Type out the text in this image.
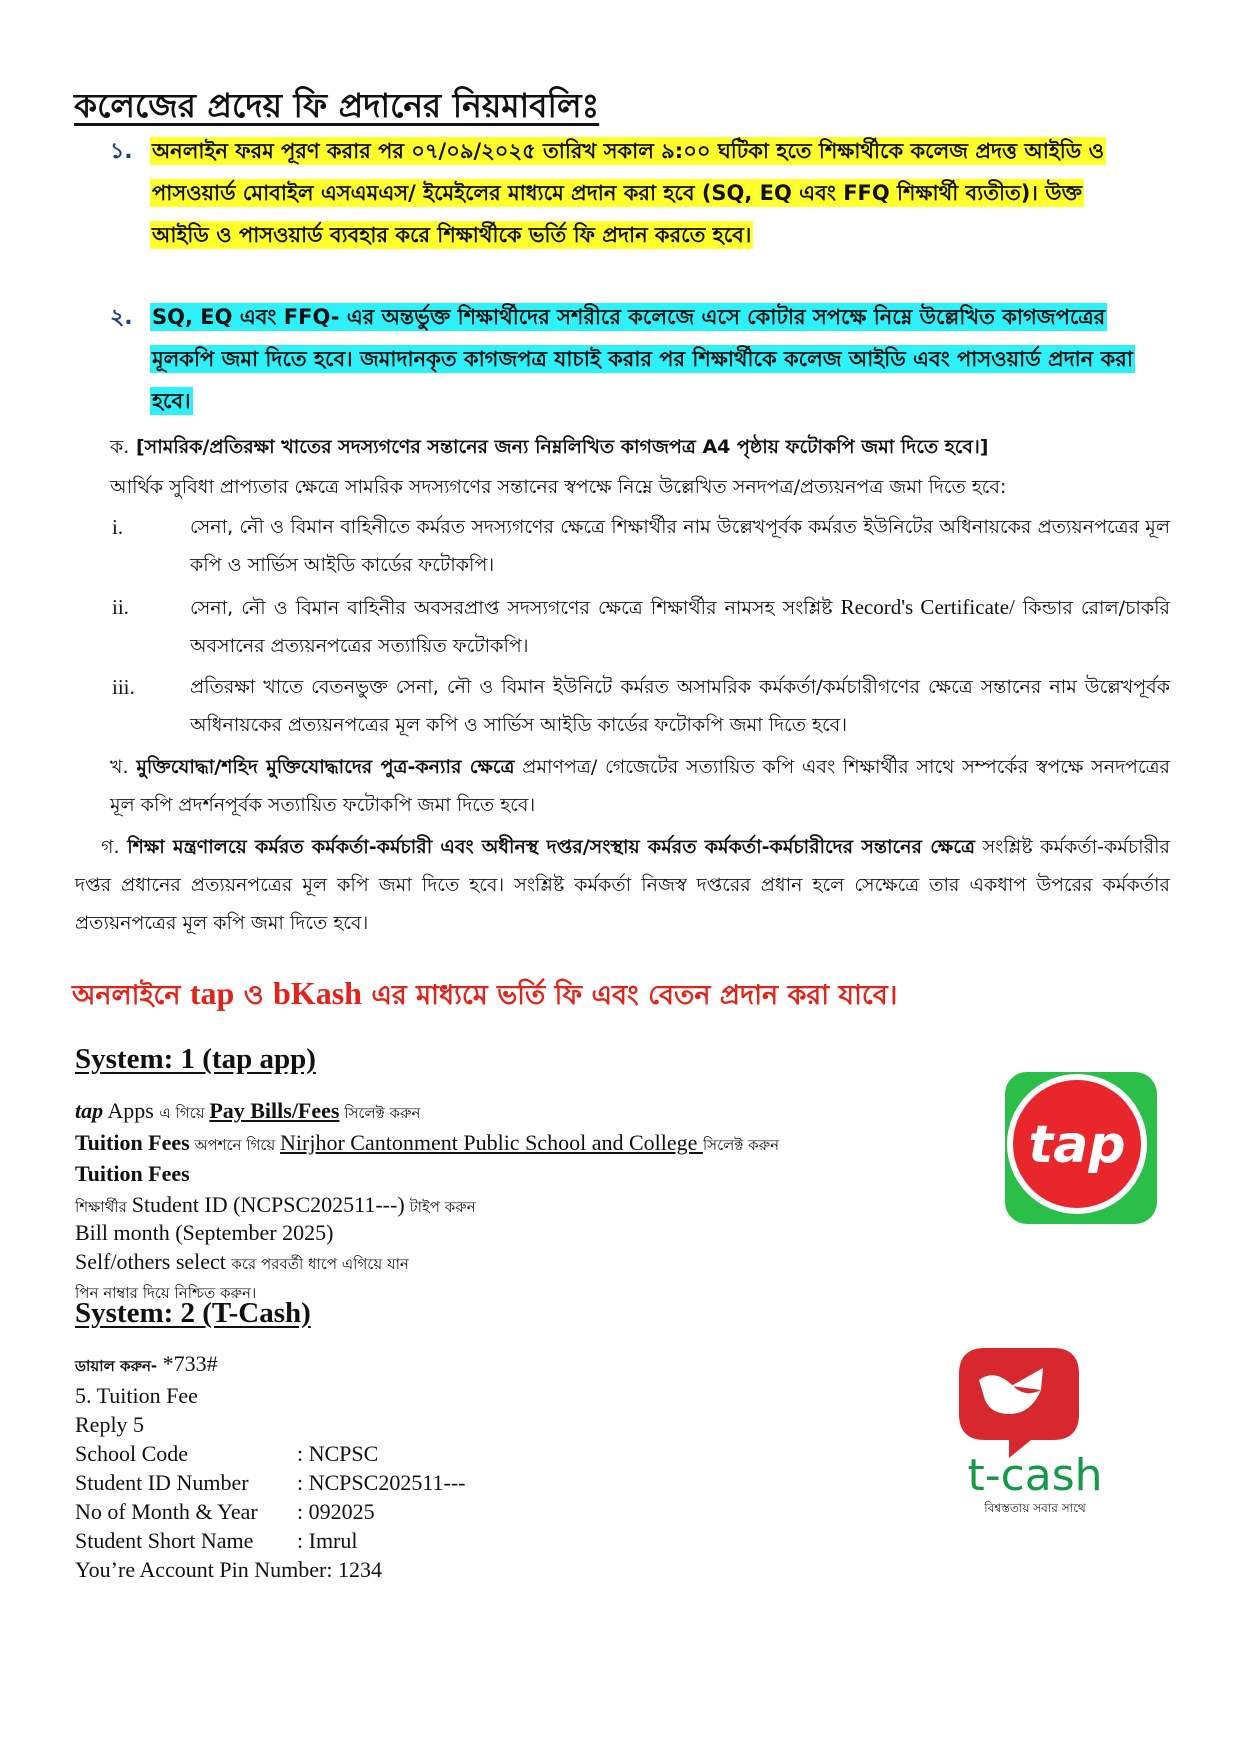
কলেজের প্রদেয় ফি প্রদানের নিয়মাবলিঃ
১. অনলাইন ফরম পূরণ করার পর ০৭/০৯/২০২৫ তারিখ সকাল ৯:০০ ঘটিকা হতে শিক্ষার্থীকে কলেজ প্রদত্ত আইডি ও
পাসওয়ার্ড মোবাইল এসএমএস/ ইমেইলের মাধ্যমে প্রদান করা হবে (SQ, EQ এবং FFQ শিক্ষার্থী ব্যতীত)। উক্ত
আইডি ও পাসওয়ার্ড ব্যবহার করে শিক্ষার্থীকে ভর্তি ফি প্রদান করতে হবে।
২. SQ, EQ এবং FFQ- এর অন্তর্ভুক্ত শিক্ষার্থীদের সশরীরে কলেজে এসে কোটার সপক্ষে নিম্নে উল্লেখিত কাগজপত্রের
মূলকপি জমা দিতে হবে। জমাদানকৃত কাগজপত্র যাচাই করার পর শিক্ষার্থীকে কলেজ আইডি এবং পাসওয়ার্ড প্রদান করা
হবে।
ক. [সামরিক/প্রতিরক্ষা খাতের সদস্যগণের সন্তানের জন্য নিম্নলিখিত কাগজপত্র A4 পৃষ্ঠায় ফটোকপি জমা দিতে হবে।]
আর্থিক সুবিধা প্রাপ্যতার ক্ষেত্রে সামরিক সদস্যগণের সন্তানের স্বপক্ষে নিম্নে উল্লেখিত সনদপত্র/প্রত্যয়নপত্র জমা দিতে হবে:
i.	সেনা, নৌ ও বিমান বাহিনীতে কর্মরত সদস্যগণের ক্ষেত্রে শিক্ষার্থীর নাম উল্লেখপূর্বক কর্মরত ইউনিটের অধিনায়কের প্রত্যয়নপত্রের মূল কপি ও সার্ভিস আইডি কার্ডের ফটোকপি।
ii.	সেনা, নৌ ও বিমান বাহিনীর অবসরপ্রাপ্ত সদস্যগণের ক্ষেত্রে শিক্ষার্থীর নামসহ সংশ্লিষ্ট Record's Certificate/ কিন্ডার রোল/চাকরি অবসানের প্রত্যয়নপত্রের সত্যায়িত ফটোকপি।
iii.	প্রতিরক্ষা খাতে বেতনভুক্ত সেনা, নৌ ও বিমান ইউনিটে কর্মরত অসামরিক কর্মকর্তা/কর্মচারীগণের ক্ষেত্রে সন্তানের নাম উল্লেখপূর্বক অধিনায়কের প্রত্যয়নপত্রের মূল কপি ও সার্ভিস আইডি কার্ডের ফটোকপি জমা দিতে হবে।
খ. মুক্তিযোদ্ধা/শহিদ মুক্তিযোদ্ধাদের পুত্র-কন্যার ক্ষেত্রে প্রমাণপত্র/ গেজেটের সত্যায়িত কপি এবং শিক্ষার্থীর সাথে সম্পর্কের স্বপক্ষে সনদপত্রের মূল কপি প্রদর্শনপূর্বক সত্যায়িত ফটোকপি জমা দিতে হবে।
গ. শিক্ষা মন্ত্রণালয়ে কর্মরত কর্মকর্তা-কর্মচারী এবং অধীনস্থ দপ্তর/সংস্থায় কর্মরত কর্মকর্তা-কর্মচারীদের সন্তানের ক্ষেত্রে সংশ্লিষ্ট কর্মকর্তা-কর্মচারীর দপ্তর প্রধানের প্রত্যয়নপত্রের মূল কপি জমা দিতে হবে। সংশ্লিষ্ট কর্মকর্তা নিজস্ব দপ্তরের প্রধান হলে সেক্ষেত্রে তার একধাপ উপরের কর্মকর্তার প্রত্যয়নপত্রের মূল কপি জমা দিতে হবে।
অনলাইনে tap ও bKash এর মাধ্যমে ভর্তি ফি এবং বেতন প্রদান করা যাবে।
System: 1 (tap app)
tap Apps এ গিয়ে Pay Bills/Fees সিলেক্ট করুন
Tuition Fees অপশনে গিয়ে Nirjhor Cantonment Public School and College সিলেক্ট করুন
Tuition Fees
শিক্ষার্থীর Student ID (NCPSC202511---) টাইপ করুন
Bill month (September 2025)
Self/others select করে পরবর্তী ধাপে এগিয়ে যান
পিন নাম্বার দিয়ে নিশ্চিত করুন।
tap
System: 2 (T-Cash)
ডায়াল করুন- *733#
5. Tuition Fee
Reply 5
School Code	: NCPSC
Student ID Number : NCPSC202511---
No of Month & Year : 092025
Student Short Name : Imrul
You’re Account Pin Number: 1234
t-cash
বিশ্বস্ততায় সবার সাথে
